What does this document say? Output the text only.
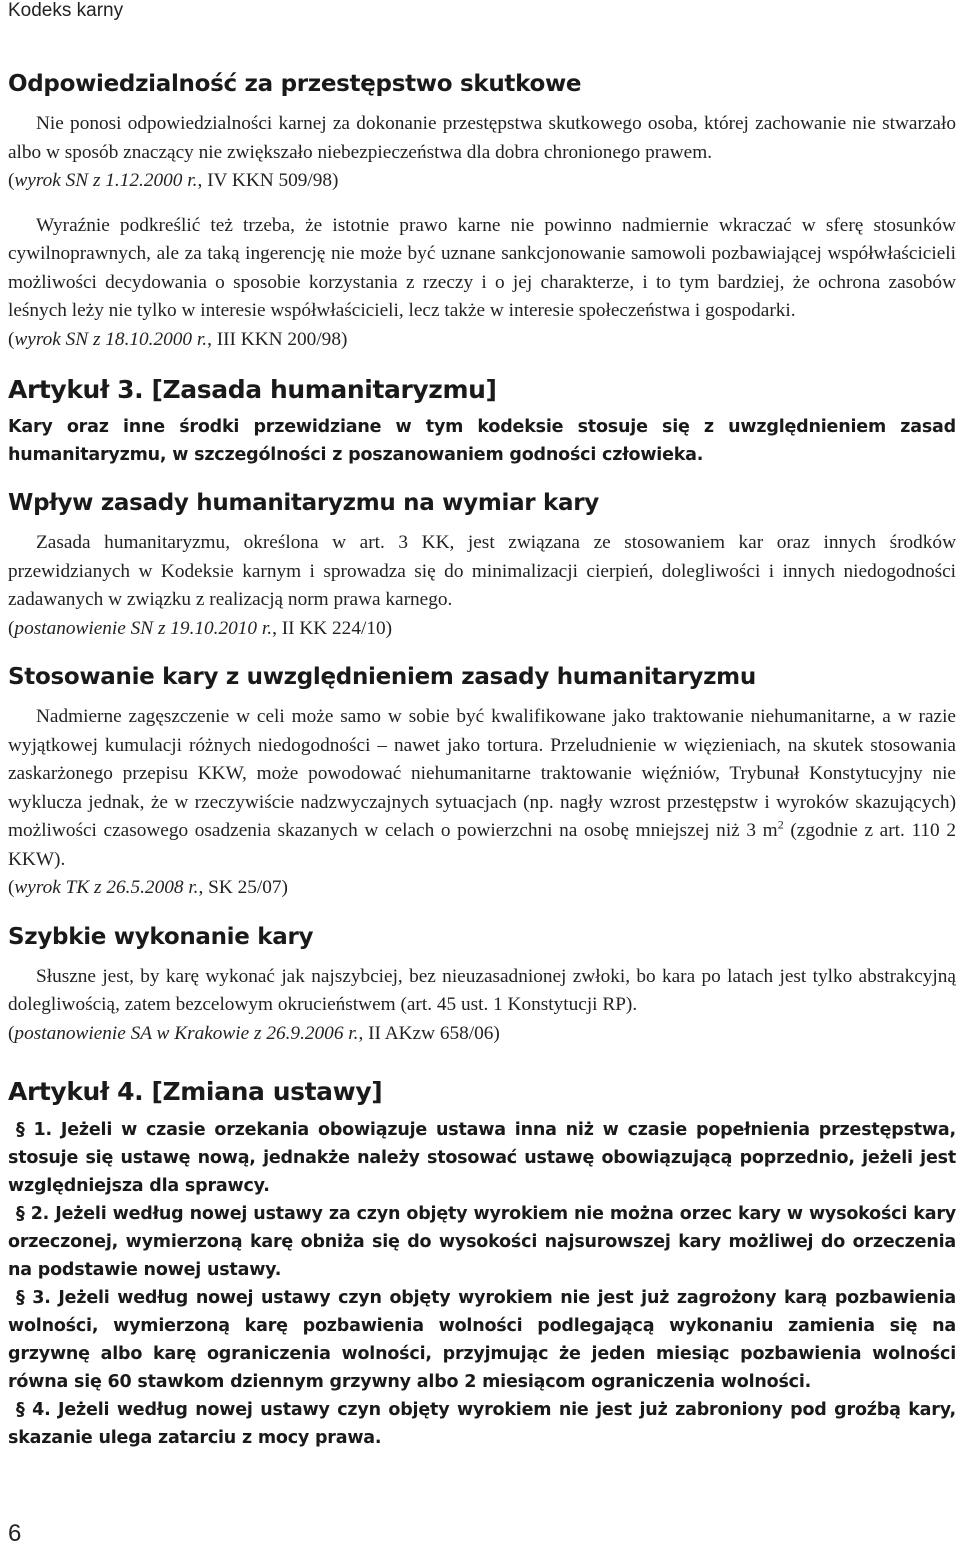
Kodeks karny
Odpowiedzialność za przestępstwo skutkowe

Nie ponosi odpowiedzialności karnej za dokonanie przestępstwa skutkowego osoba, której zachowanie nie stwarzało albo w sposób znaczący nie zwiększało niebezpieczeństwa dla dobra chronionego prawem.

(wyrok SN z 1.12.2000 r., IV KKN 509/98)

Wyraźnie podkreślić też trzeba, że istotnie prawo karne nie powinno nadmiernie wkraczać w sferę stosunków cywilnoprawnych, ale za taką ingerencję nie może być uznane sankcjonowanie samowoli pozbawiającej współwłaścicieli możliwości decydowania o sposobie korzystania z rzeczy i o jej charakterze, i to tym bardziej, że ochrona zasobów leśnych leży nie tylko w interesie współwłaścicieli, lecz także w interesie społeczeństwa i gospodarki.

(wyrok SN z 18.10.2000 r., III KKN 200/98)

Artykuł 3. [Zasada humanitaryzmu]

Kary oraz inne środki przewidziane w tym kodeksie stosuje się z uwzględnieniem zasad humanitaryzmu, w szczególności z poszanowaniem godności człowieka.

Wpływ zasady humanitaryzmu na wymiar kary

Zasada humanitaryzmu, określona w art. 3 KK, jest związana ze stosowaniem kar oraz innych środków przewidzianych w Kodeksie karnym i sprowadza się do minimalizacji cierpień, dolegliwości i innych niedogodności zadawanych w związku z realizacją norm prawa karnego.

(postanowienie SN z 19.10.2010 r., II KK 224/10)

Stosowanie kary z uwzględnieniem zasady humanitaryzmu

Nadmierne zagęszczenie w celi może samo w sobie być kwalifikowane jako traktowanie niehumanitarne, a w razie wyjątkowej kumulacji różnych niedogodności – nawet jako tortura. Przeludnienie w więzieniach, na skutek stosowania zaskarżonego przepisu KKW, może powodować niehumanitarne traktowanie więźniów, Trybunał Konstytucyjny nie wyklucza jednak, że w rzeczywiście nadzwyczajnych sytuacjach (np. nagły wzrost przestępstw i wyroków skazujących) możliwości czasowego osadzenia skazanych w celach o powierzchni na osobę mniejszej niż 3 $m^2$ (zgodnie z art. 110 2 KKW).

(wyrok TK z 26.5.2008 r., SK 25/07)

Szybkie wykonanie kary

Słuszne jest, by karę wykonać jak najszybciej, bez nieuzasadnionej zwłoki, bo kara po latach jest tylko abstrakcyjną dolegliwością, zatem bezcelowym okrucieństwem (art. 45 ust. 1 Konstytucji RP).

(postanowienie SA w Krakowie z 26.9.2006 r., II AKzw 658/06)

Artykuł 4. [Zmiana ustawy]

§ 1. Jeżeli w czasie orzekania obowiązuje ustawa inna niż w czasie popełnienia przestępstwa, stosuje się ustawę nową, jednakże należy stosować ustawę obowiązującą poprzednio, jeżeli jest względniejsza dla sprawcy.

§ 2. Jeżeli według nowej ustawy za czyn objęty wyrokiem nie można orzec kary w wysokości kary orzeczonej, wymierzoną karę obniża się do wysokości najsurowszej kary możliwej do orzeczenia na podstawie nowej ustawy.

§ 3. Jeżeli według nowej ustawy czyn objęty wyrokiem nie jest już zagrożony karą pozbawienia wolności, wymierzoną karę pozbawienia wolności podlegającą wykonaniu zamienia się na grzywnę albo karę ograniczenia wolności, przyjmując że jeden miesiąc pozbawienia wolności równa się 60 stawkom dziennym grzywny albo 2 miesiącom ograniczenia wolności.

§ 4. Jeżeli według nowej ustawy czyn objęty wyrokiem nie jest już zabroniony pod groźbą kary, skazanie ulega zatarciu z mocy prawa.

6
